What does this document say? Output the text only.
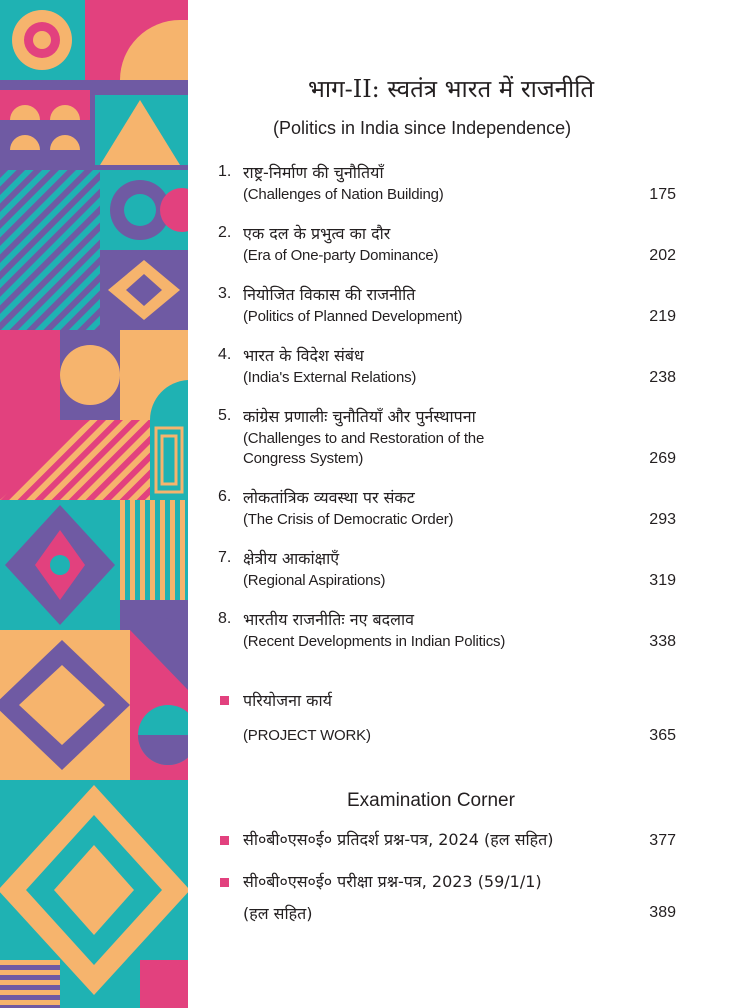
भाग-II: स्वतंत्र भारत में राजनीति
(Politics in India since Independence)
1. राष्ट्र-निर्माण की चुनौतियाँ
(Challenges of Nation Building)	175
2. एक दल के प्रभुत्व का दौर
(Era of One-party Dominance)	202
3. नियोजित विकास की राजनीति
(Politics of Planned Development)	219
4. भारत के विदेश संबंध
(India's External Relations)	238
5. कांग्रेस प्रणालीः चुनौतियाँ और पुर्नस्थापना
(Challenges to and Restoration of the
Congress System)	269
6. लोकतांत्रिक व्यवस्था पर संकट
(The Crisis of Democratic Order)	293
7. क्षेत्रीय आकांक्षाएँ
(Regional Aspirations)	319
8. भारतीय राजनीतिः नए बदलाव
(Recent Developments in Indian Politics)	338
परियोजना कार्य
(PROJECT WORK)	365
Examination Corner
सी०बी०एस०ई० प्रतिदर्श प्रश्न-पत्र, 2024 (हल सहित)	377
सी०बी०एस०ई० परीक्षा प्रश्न-पत्र, 2023 (59/1/1)
(हल सहित)	389
